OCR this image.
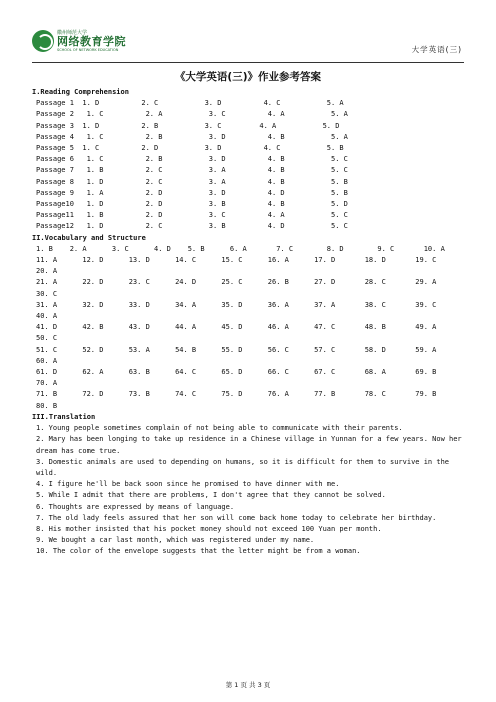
徽州师范大学
网络教育学院
SCHOOL OF NETWORK EDUCATION	大学英语(三)
《大学英语(三)》作业参考答案
I.Reading Comprehension
Passage 1  1. D          2. C           3. D          4. C           5. A
Passage 2   1. C          2. A           3. C          4. A           5. A
Passage 3  1. D          2. B           3. C         4. A           5. D
Passage 4   1. C          2. B           3. D          4. B           5. A
Passage 5  1. C          2. D           3. D          4. C           5. B
Passage 6   1. C          2. B           3. D          4. B           5. C
Passage 7   1. B          2. C           3. A          4. B           5. C
Passage 8   1. D          2. C           3. A          4. B           5. B
Passage 9   1. A          2. D           3. D          4. D           5. B
Passage10   1. D          2. D           3. B          4. B           5. D
Passage11   1. B          2. D           3. C          4. A           5. C
Passage12   1. D          2. C           3. B          4. D           5. C
II.Vocabulary and Structure
1. B    2. A      3. C      4. D    5. B      6. A       7. C        8. D        9. C       10. A
11. A      12. D      13. D      14. C      15. C      16. A      17. D       18. D       19. C      20. A
21. A      22. D      23. C      24. D      25. C      26. B      27. D       28. C       29. A      30. C
31. A      32. D      33. D      34. A      35. D      36. A      37. A       38. C       39. C      40. A
41. D      42. B      43. D      44. A      45. D      46. A      47. C       48. B       49. A      50. C
51. C      52. D      53. A      54. B      55. D      56. C      57. C       58. D       59. A      60. A
61. D      62. A      63. B      64. C      65. D      66. C      67. C       68. A       69. B      70. A
71. B      72. D      73. B      74. C      75. D      76. A      77. B       78. C       79. B      80. B
III.Translation
1. Young people sometimes complain of not being able to communicate with their parents.
2. Mary has been longing to take up residence in a Chinese village in Yunnan for a few years. Now her dream has come true.
3. Domestic animals are used to depending on humans, so it is difficult for them to survive in the wild.
4. I figure he'll be back soon since he promised to have dinner with me.
5. While I admit that there are problems, I don't agree that they cannot be solved.
6. Thoughts are expressed by means of language.
7. The old lady feels assured that her son will come back home today to celebrate her birthday.
8. His mother insisted that his pocket money should not exceed 100 Yuan per month.
9. We bought a car last month, which was registered under my name.
10. The color of the envelope suggests that the letter might be from a woman.
第 1 页 共 3 页
